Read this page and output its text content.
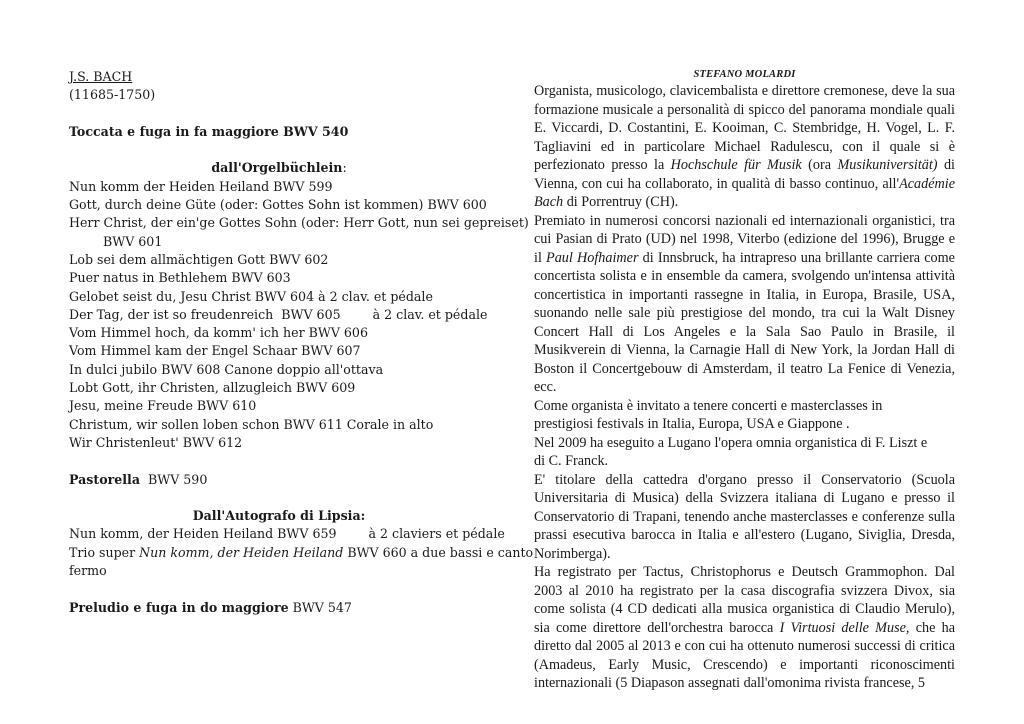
J.S. BACH
(11685-1750)
Toccata e fuga in fa maggiore BWV 540
dall'Orgelbüchlein:
Nun komm der Heiden Heiland BWV 599
Gott, durch deine Güte (oder: Gottes Sohn ist kommen) BWV 600
Herr Christ, der ein'ge Gottes Sohn (oder: Herr Gott, nun sei gepreiset)
BWV 601
Lob sei dem allmächtigen Gott BWV 602
Puer natus in Bethlehem BWV 603
Gelobet seist du, Jesu Christ BWV 604 à 2 clav. et pédale
Der Tag, der ist so freudenreich  BWV 605        à 2 clav. et pédale
Vom Himmel hoch, da komm' ich her BWV 606
Vom Himmel kam der Engel Schaar BWV 607
In dulci jubilo BWV 608 Canone doppio all'ottava
Lobt Gott, ihr Christen, allzugleich BWV 609
Jesu, meine Freude BWV 610
Christum, wir sollen loben schon BWV 611 Corale in alto
Wir Christenleut' BWV 612
Pastorella  BWV 590
Dall'Autografo di Lipsia:
Nun komm, der Heiden Heiland BWV 659        à 2 claviers et pédale
Trio super Nun komm, der Heiden Heiland BWV 660 a due bassi e canto
fermo
Preludio e fuga in do maggiore BWV 547
STEFANO MOLARDI

Organista, musicologo, clavicembalista e direttore cremonese, deve la sua formazione musicale a personalità di spicco del panorama mondiale quali E. Viccardi, D. Costantini, E. Kooiman, C. Stembridge, H. Vogel, L. F. Tagliavini ed in particolare Michael Radulescu, con il quale si è perfezionato presso la Hochschule für Musik (ora Musikuniversität) di Vienna, con cui ha collaborato, in qualità di basso continuo, all'Académie Bach di Porrentruy (CH).

Premiato in numerosi concorsi nazionali ed internazionali organistici, tra cui Pasian di Prato (UD) nel 1998, Viterbo (edizione del 1996), Brugge e il Paul Hofhaimer di Innsbruck, ha intrapreso una brillante carriera come concertista solista e in ensemble da camera, svolgendo un'intensa attività concertistica in importanti rassegne in Italia, in Europa, Brasile, USA, suonando nelle sale più prestigiose del mondo, tra cui la Walt Disney Concert Hall di Los Angeles e la Sala Sao Paulo in Brasile, il Musikverein di Vienna, la Carnagie Hall di New York, la Jordan Hall di Boston il Concertgebouw di Amsterdam, il teatro La Fenice di Venezia, ecc.

Come organista è invitato a tenere concerti e masterclasses in
prestigiosi festivals in Italia, Europa, USA e Giappone .

Nel 2009 ha eseguito a Lugano l'opera omnia organistica di F. Liszt e
di C. Franck.

E' titolare della cattedra d'organo presso il Conservatorio (Scuola Universitaria di Musica) della Svizzera italiana di Lugano e presso il Conservatorio di Trapani, tenendo anche masterclasses e conferenze sulla prassi esecutiva barocca in Italia e all'estero (Lugano, Siviglia, Dresda, Norimberga).

Ha registrato per Tactus, Christophorus e Deutsch Grammophon. Dal 2003 al 2010 ha registrato per la casa discografia svizzera Divox, sia come solista (4 CD dedicati alla musica organistica di Claudio Merulo), sia come direttore dell'orchestra barocca I Virtuosi delle Muse, che ha diretto dal 2005 al 2013 e con cui ha ottenuto numerosi successi di critica (Amadeus, Early Music, Crescendo) e importanti riconoscimenti internazionali (5 Diapason assegnati dall'omonima rivista francese, 5
